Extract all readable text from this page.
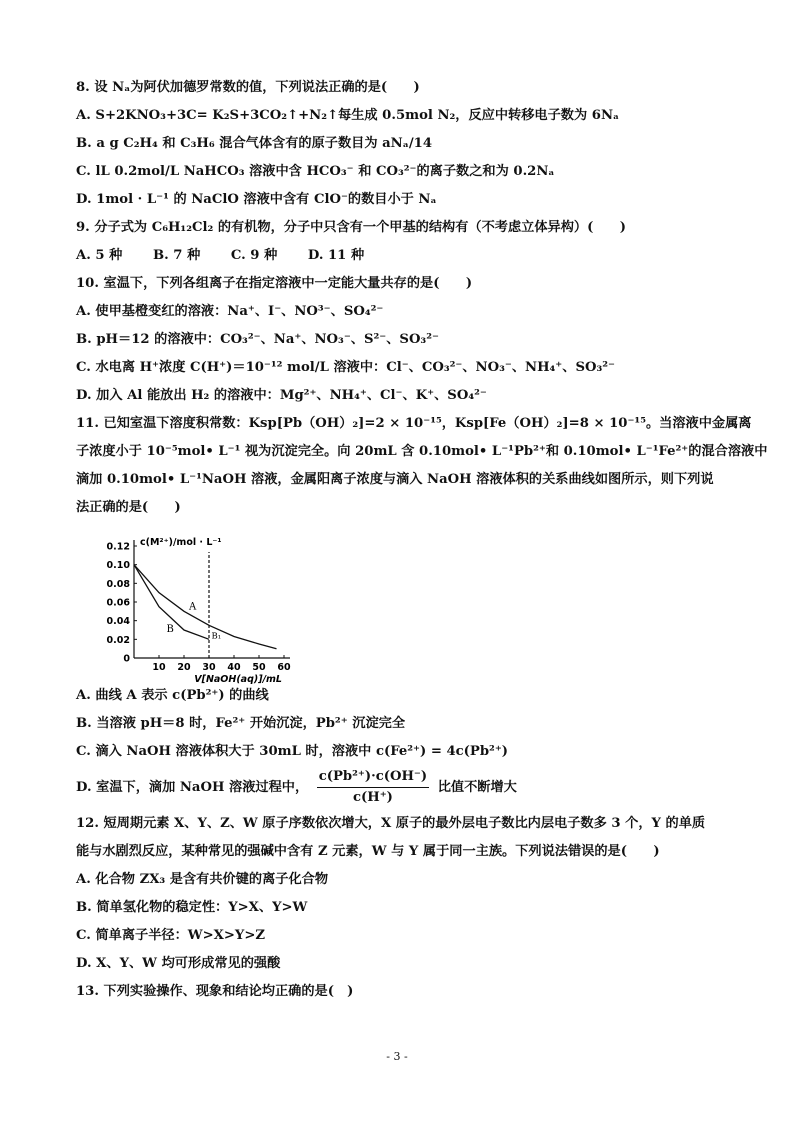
8. 设 Nₐ为阿伏加德罗常数的值，下列说法正确的是(　　)
A. S+2KNO₃+3C= K₂S+3CO₂↑+N₂↑每生成 0.5mol N₂，反应中转移电子数为 6Nₐ
B. a g C₂H₄ 和 C₃H₆ 混合气体含有的原子数目为 aNₐ/14
C. lL 0.2mol/L NaHCO₃ 溶液中含 HCO₃⁻ 和 CO₃²⁻的离子数之和为 0.2Nₐ
D. 1mol · L⁻¹ 的 NaClO 溶液中含有 ClO⁻的数目小于 Nₐ
9. 分子式为 C₆H₁₂Cl₂ 的有机物，分子中只含有一个甲基的结构有（不考虑立体异构）(　　)
A. 5 种 B. 7 种 C. 9 种 D. 11 种
10. 室温下，下列各组离子在指定溶液中一定能大量共存的是(　　)
A. 使甲基橙变红的溶液：Na⁺、I⁻、NO³⁻、SO₄²⁻
B. pH＝12 的溶液中：CO₃²⁻、Na⁺、NO₃⁻、S²⁻、SO₃²⁻
C. 水电离 H⁺浓度 C(H⁺)＝10⁻¹² mol/L 溶液中：Cl⁻、CO₃²⁻、NO₃⁻、NH₄⁺、SO₃²⁻
D. 加入 Al 能放出 H₂ 的溶液中：Mg²⁺、NH₄⁺、Cl⁻、K⁺、SO₄²⁻
11. 已知室温下溶度积常数：Ksp[Pb（OH）₂]=2 × 10⁻¹⁵，Ksp[Fe（OH）₂]=8 × 10⁻¹⁵。当溶液中金属离
子浓度小于 10⁻⁵mol• L⁻¹ 视为沉淀完全。向 20mL 含 0.10mol• L⁻¹Pb²⁺和 0.10mol• L⁻¹Fe²⁺的混合溶液中
滴加 0.10mol• L⁻¹NaOH 溶液，金属阳离子浓度与滴入 NaOH 溶液体积的关系曲线如图所示，则下列说
法正确的是(　　)
0.12
0.10
0.08
0.06
0.04
0.02
0
10 20 30 40 50 60
c(M²⁺)/mol · L⁻¹
V[NaOH(aq)]/mL
A
B
B₁
A. 曲线 A 表示 c(Pb²⁺) 的曲线
B. 当溶液 pH＝8 时，Fe²⁺ 开始沉淀，Pb²⁺ 沉淀完全
C. 滴入 NaOH 溶液体积大于 30mL 时，溶液中 c(Fe²⁺) = 4c(Pb²⁺)
D. 室温下，滴加 NaOH 溶液过程中， $\frac{\text{c(Pb²⁺)·c(OH⁻)}}{c(H^+)}$ 比值不断增大
12. 短周期元素 X、Y、Z、W 原子序数依次增大，X 原子的最外层电子数比内层电子数多 3 个，Y 的单质
能与水剧烈反应，某种常见的强碱中含有 Z 元素，W 与 Y 属于同一主族。下列说法错误的是(　　)
A. 化合物 ZX₃ 是含有共价键的离子化合物
B. 简单氢化物的稳定性：Y>X、Y>W
C. 简单离子半径：W>X>Y>Z
D. X、Y、W 均可形成常见的强酸
13. 下列实验操作、现象和结论均正确的是(　)
- 3 -
